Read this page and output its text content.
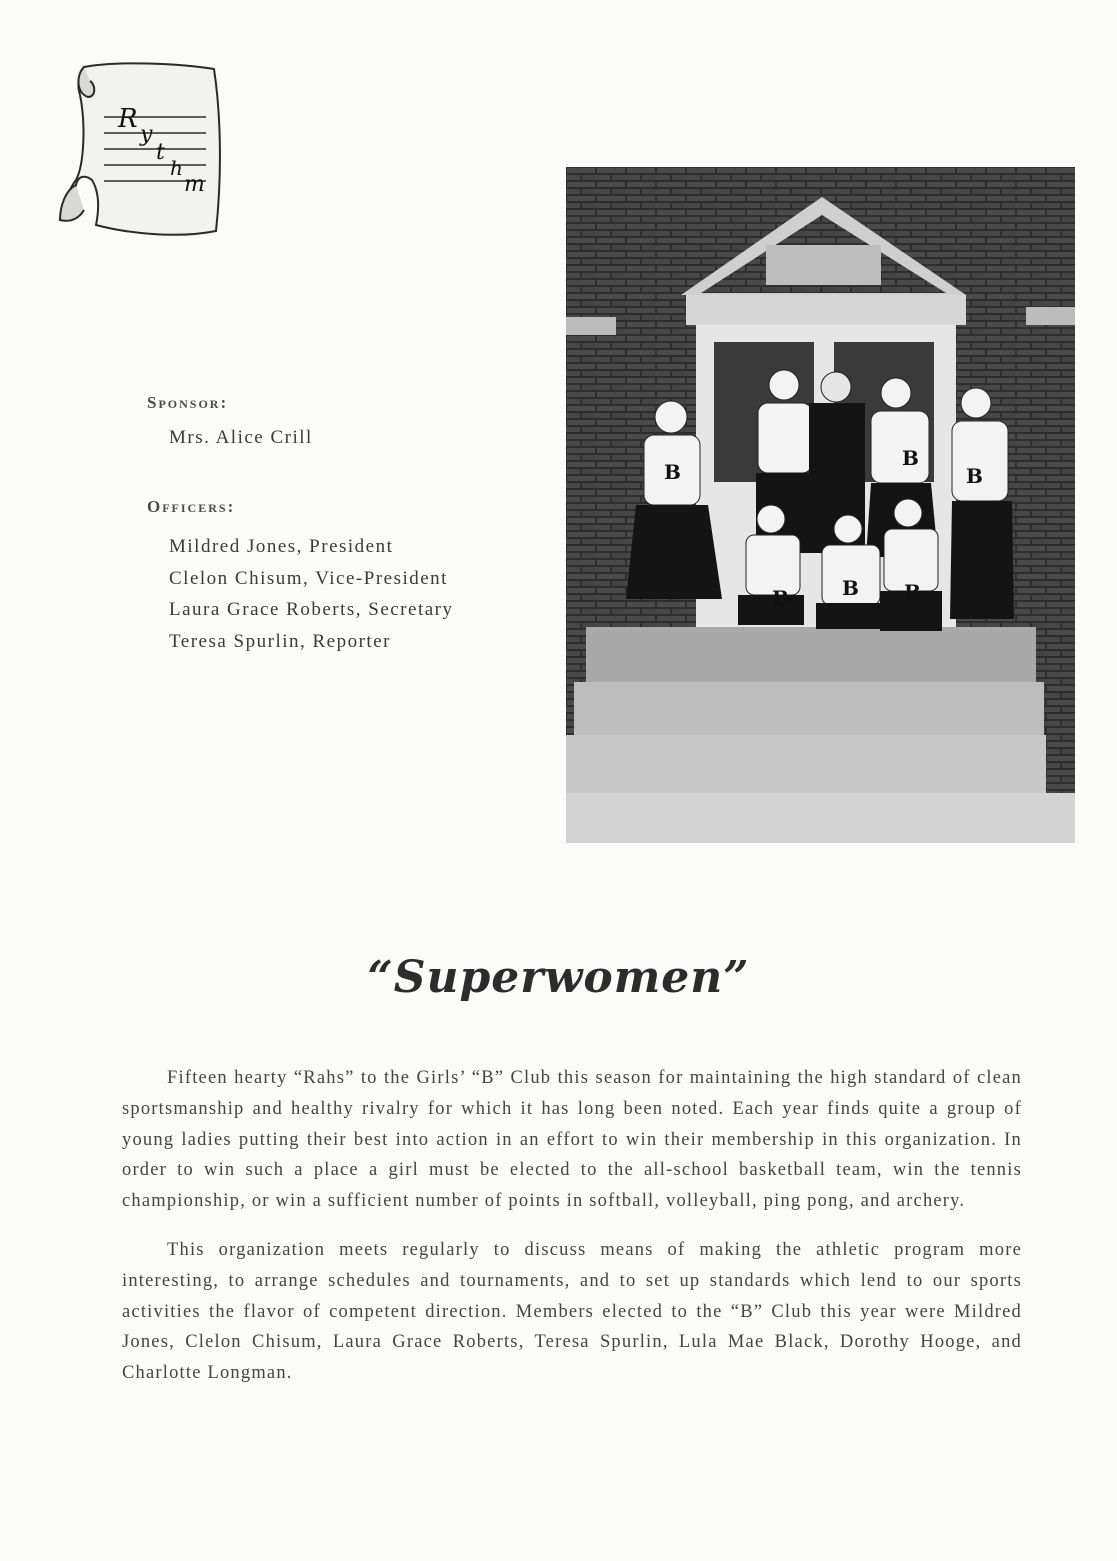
R
y
t
h
m
Sponsor:
Mrs. Alice Crill
Officers:
Mildred Jones, President
Clelon Chisum, Vice-President
Laura Grace Roberts, Secretary
Teresa Spurlin, Reporter
B
B
B
B	B B
“Superwomen”

Fifteen hearty “Rahs” to the Girls’ “B” Club this season for maintaining the high standard of clean sportsmanship and healthy rivalry for which it has long been noted. Each year finds quite a group of young ladies putting their best into action in an effort to win their membership in this organization. In order to win such a place a girl must be elected to the all-school basketball team, win the tennis championship, or win a sufficient number of points in softball, volleyball, ping pong, and archery.

This organization meets regularly to discuss means of making the athletic program more interesting, to arrange schedules and tournaments, and to set up standards which lend to our sports activities the flavor of competent direction. Members elected to the “B” Club this year were Mildred Jones, Clelon Chisum, Laura Grace Roberts, Teresa Spurlin, Lula Mae Black, Dorothy Hooge, and Charlotte Longman.
